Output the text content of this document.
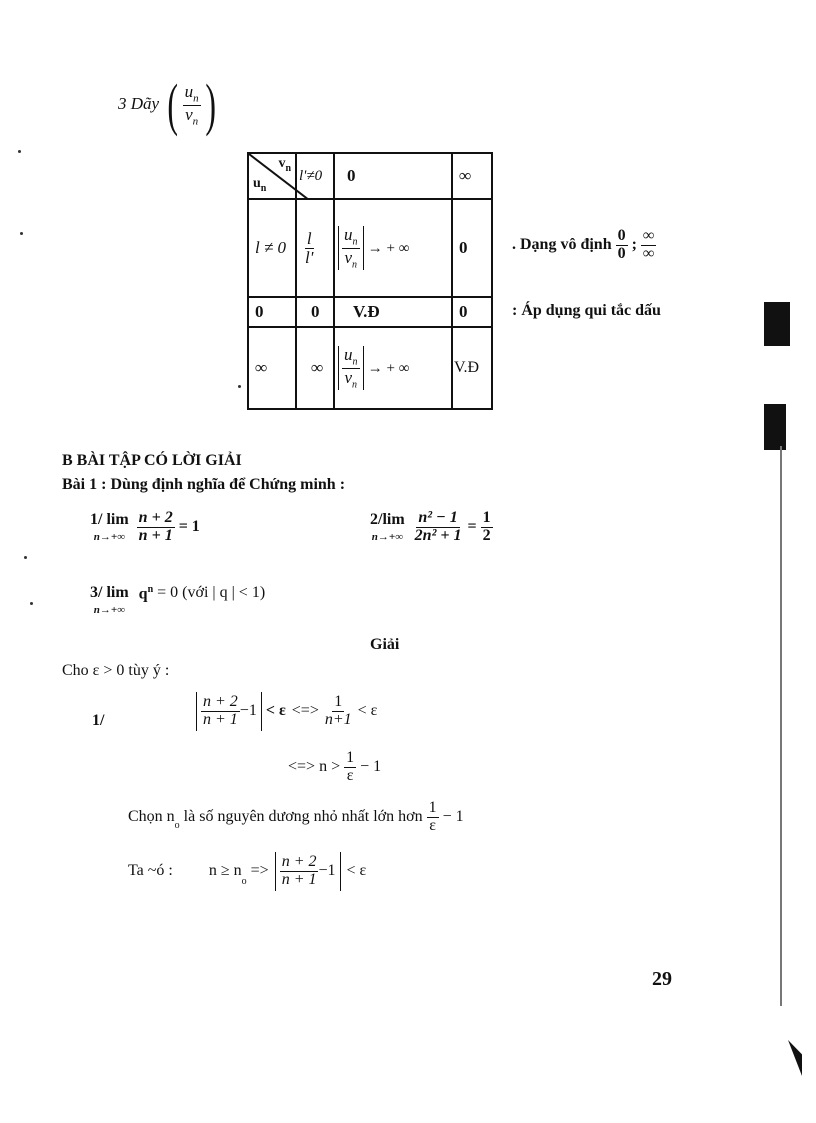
3 Dãy ( $\frac{u_n}{v_n}$ )
$v_n$
$u_n$	l'≠0	0	∞
l ≠ 0	$\frac{l}{l'}$	$\frac{u_n}{v_n}$ → + ∞	0
0	0	V.Đ	0
∞	∞	$\frac{u_n}{v_n}$ → + ∞	V.Đ
. Dạng vô định $\frac{0}{0}$ ; $\frac{\infty}{\infty}$
: Áp dụng qui tắc dấu
B BÀI TẬP CÓ LỜI GIẢI
Bài 1 : Dùng định nghĩa để Chứng minh :
1/ lim
$n\to+\infty \frac{n + 2}{n + 1} = 1$	2/lim
$n\to+\infty \frac{\text{n² − 1}}{\text{2n² + 1}} = \frac{1}{2}$
3/ lim
n→+∞
$q^n = 0$ (với | q | < 1)
Giải
Cho ε > 0 tùy ý :
1/	$\frac{n + 2}{n + 1} -1 < \varepsilon$ <=> $\frac{1}{n+1} < \varepsilon$
<=> $n > \frac{1}{\varepsilon} - 1$
Chọn $n_o$ là số nguyên dương nhỏ nhất lớn hơn $\frac{1}{\varepsilon} - 1$
Ta ~ó : n ≥ n
$_o$
=> $\frac{n + 2}{n + 1} -1 < \varepsilon$
29
